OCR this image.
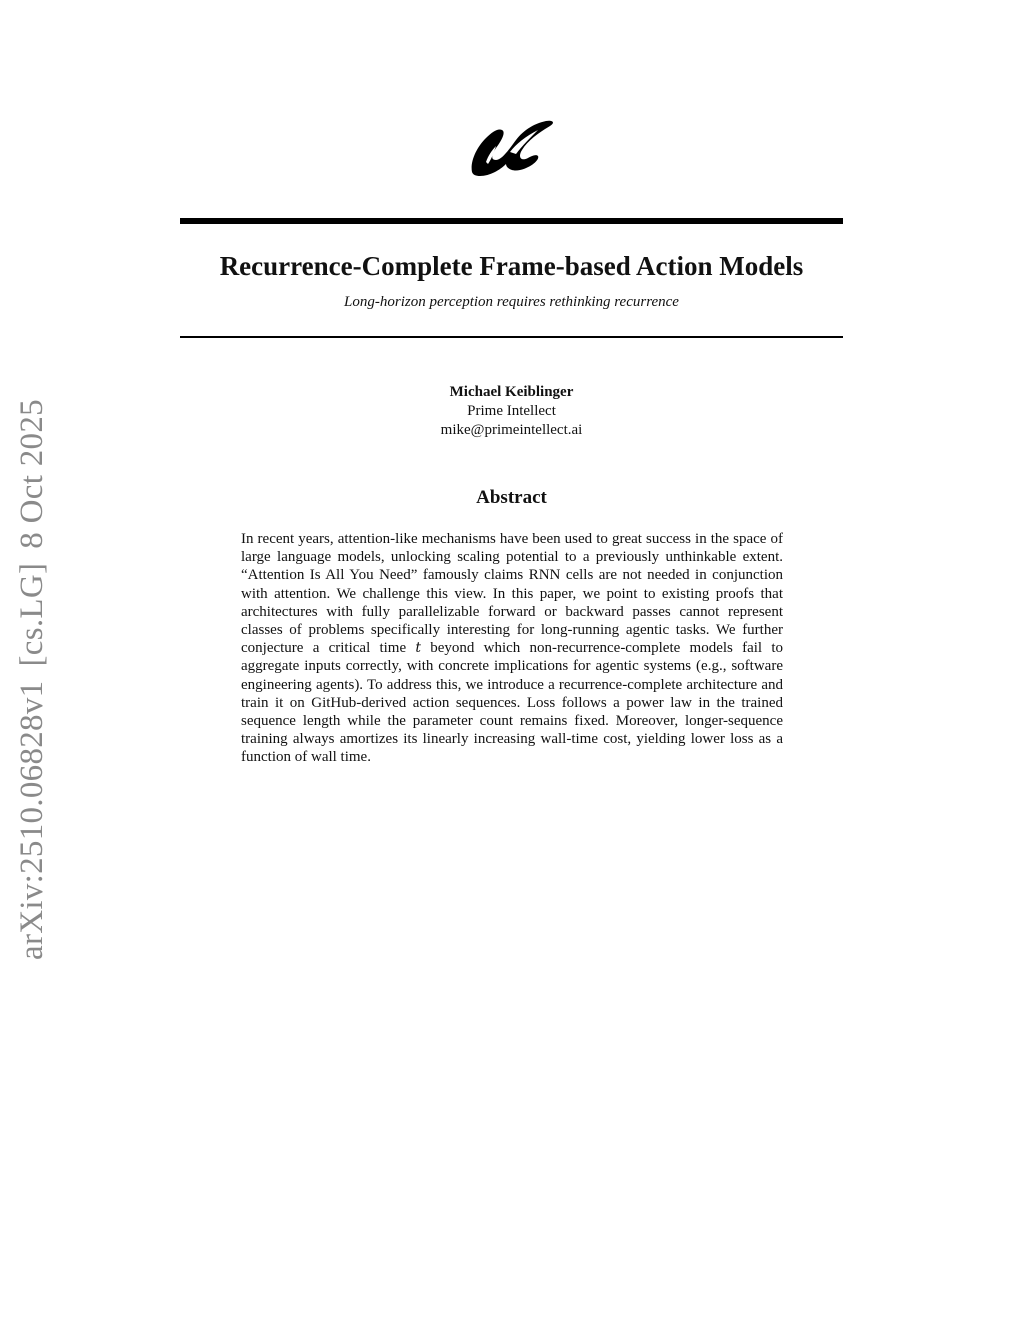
Recurrence-Complete Frame-based Action Models
Long-horizon perception requires rethinking recurrence
Michael Keiblinger
Prime Intellect
mike@primeintellect.ai
Abstract

In recent years, attention-like mechanisms have been used to great success in the space of large language models, unlocking scaling potential to a previously unthinkable extent. “Attention Is All You Need” famously claims RNN cells are not needed in conjunction with attention. We challenge this view. In this paper, we point to existing proofs that architectures with fully parallelizable forward or backward passes cannot represent classes of problems specifically interesting for long-running agentic tasks. We further conjecture a critical time t beyond which non-recurrence-complete models fail to aggregate inputs correctly, with concrete implications for agentic systems (e.g., software engineering agents). To address this, we introduce a recurrence-complete architecture and train it on GitHub-derived action sequences. Loss follows a power law in the trained sequence length while the parameter count remains fixed. Moreover, longer-sequence training always amortizes its linearly increasing wall-time cost, yielding lower loss as a function of wall time.

arXiv:2510.06828v1[cs.LG]8 Oct 2025
